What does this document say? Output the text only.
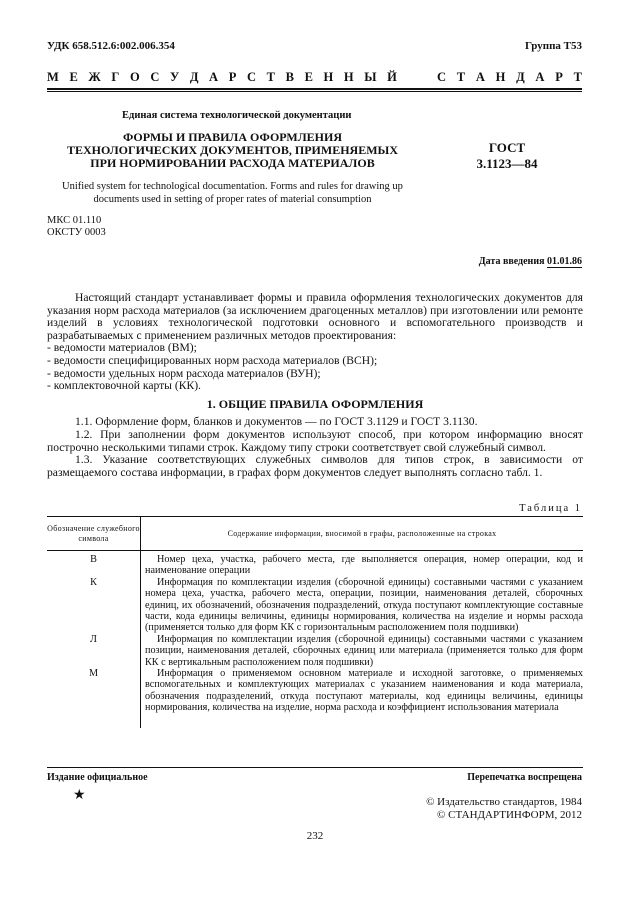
УДК 658.512.6:002.006.354	Группа Т53
М Е Ж Г О С У Д А Р С Т В Е Н Н Ы Й	С Т А Н Д А Р Т
Единая система технологической документации
ФОРМЫ И ПРАВИЛА ОФОРМЛЕНИЯ ТЕХНОЛОГИЧЕСКИХ ДОКУМЕНТОВ, ПРИМЕНЯЕМЫХ ПРИ НОРМИРОВАНИИ РАСХОДА МАТЕРИАЛОВ
ГОСТ
3.1123—84
Unified system for technological documentation. Forms and rules for drawing up documents used in setting of proper rates of material consumption
МКС 01.110
ОКСТУ 0003
Дата введения 01.01.86

Настоящий стандарт устанавливает формы и правила оформления технологических документов для указания норм расхода материалов (за исключением драгоценных металлов) при изготовлении или ремонте изделий в условиях технологической подготовки основного и вспомогательного производств и разрабатываемых с применением различных методов проектирования:

- ведомости материалов (ВМ);

- ведомости специфицированных норм расхода материалов (ВСН);

- ведомости удельных норм расхода материалов (ВУН);

- комплектовочной карты (КК).

1. ОБЩИЕ ПРАВИЛА ОФОРМЛЕНИЯ

1.1. Оформление форм, бланков и документов — по ГОСТ 3.1129 и ГОСТ 3.1130.

1.2. При заполнении форм документов используют способ, при котором информацию вносят построчно несколькими типами строк. Каждому типу строки соответствует свой служебный символ.

1.3. Указание соответствующих служебных символов для типов строк, в зависимости от размещаемого состава информации, в графах форм документов следует выполнять согласно табл. 1.

Таблица 1
Обозначение служебного символа	Содержание информации, вносимой в графы, расположенные на строках
В	Номер цеха, участка, рабочего места, где выполняется операция, номер операции, код и наименование операции

К	Информация по комплектации изделия (сборочной единицы) составными частями с указанием номера цеха, участка, рабочего места, операции, позиции, наименования деталей, сборочных единиц, их обозначений, обозначения подразделений, откуда поступают комплектующие составные части, кода единицы величины, единицы нормирования, количества на изделие и нормы расхода (применяется только для форм КК с горизонтальным расположением поля подшивки)

Л	Информация по комплектации изделия (сборочной единицы) составными частями с указанием позиции, наименования деталей, сборочных единиц или материала (применяется только для форм КК с вертикальным расположением поля подшивки)

М	Информация о применяемом основном материале и исходной заготовке, о применяемых вспомогательных и комплектующих материалах с указанием наименования и кода материала, обозначения подразделений, откуда поступают материалы, код единицы величины, единицы нормирования, количества на изделие, норма расхода и коэффициент использования материала
Издание официальное	Перепечатка воспрещена
★	© Издательство стандартов, 1984
© СТАНДАРТИНФОРМ, 2012
232
